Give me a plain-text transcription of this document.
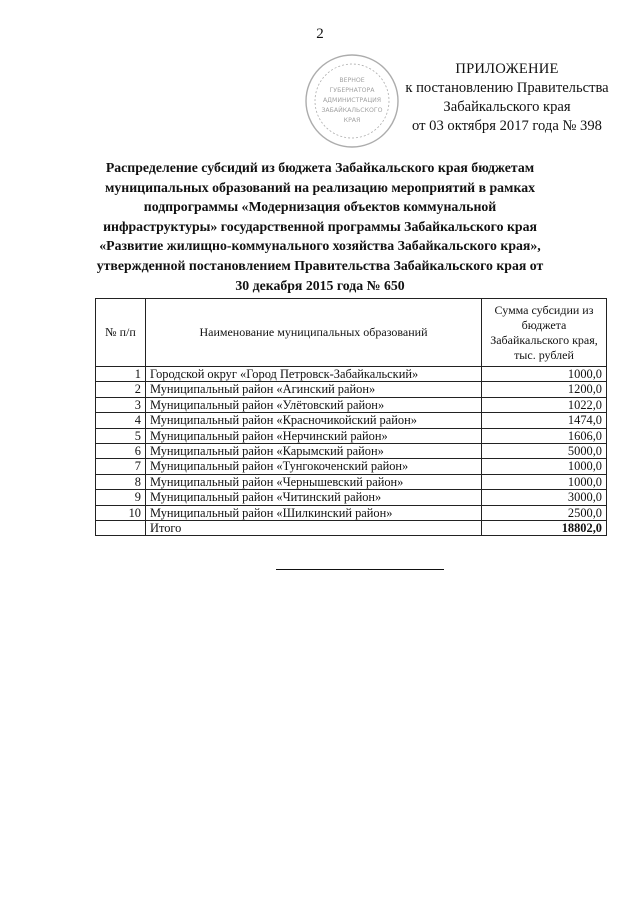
2
ВЕРНОЕ
ГУБЕРНАТОРА
АДМИНИСТРАЦИЯ
ЗАБАЙКАЛЬСКОГО
КРАЯ
ПРИЛОЖЕНИЕ
к постановлению Правительства
Забайкальского края
от 03 октября 2017 года № 398
Распределение субсидий из бюджета Забайкальского края бюджетам
муниципальных образований на реализацию мероприятий в рамках
подпрограммы «Модернизация объектов коммунальной
инфраструктуры» государственной программы Забайкальского края
«Развитие жилищно-коммунального хозяйства Забайкальского края»,
утвержденной постановлением Правительства Забайкальского края от
30 декабря 2015 года № 650
№ п/п	Наименование муниципальных образований	Сумма субсидии из бюджета Забайкальского края, тыс. рублей
1	Городской округ «Город Петровск-Забайкальский»	1000,0
2	Муниципальный район «Агинский район»	1200,0
3	Муниципальный район «Улётовский район»	1022,0
4	Муниципальный район «Красночикойский район»	1474,0
5	Муниципальный район «Нерчинский район»	1606,0
6	Муниципальный район «Карымский район»	5000,0
7	Муниципальный район «Тунгокоченский район»	1000,0
8	Муниципальный район «Чернышевский район»	1000,0
9	Муниципальный район «Читинский район»	3000,0
10	Муниципальный район «Шилкинский район»	2500,0
	Итого	18802,0
